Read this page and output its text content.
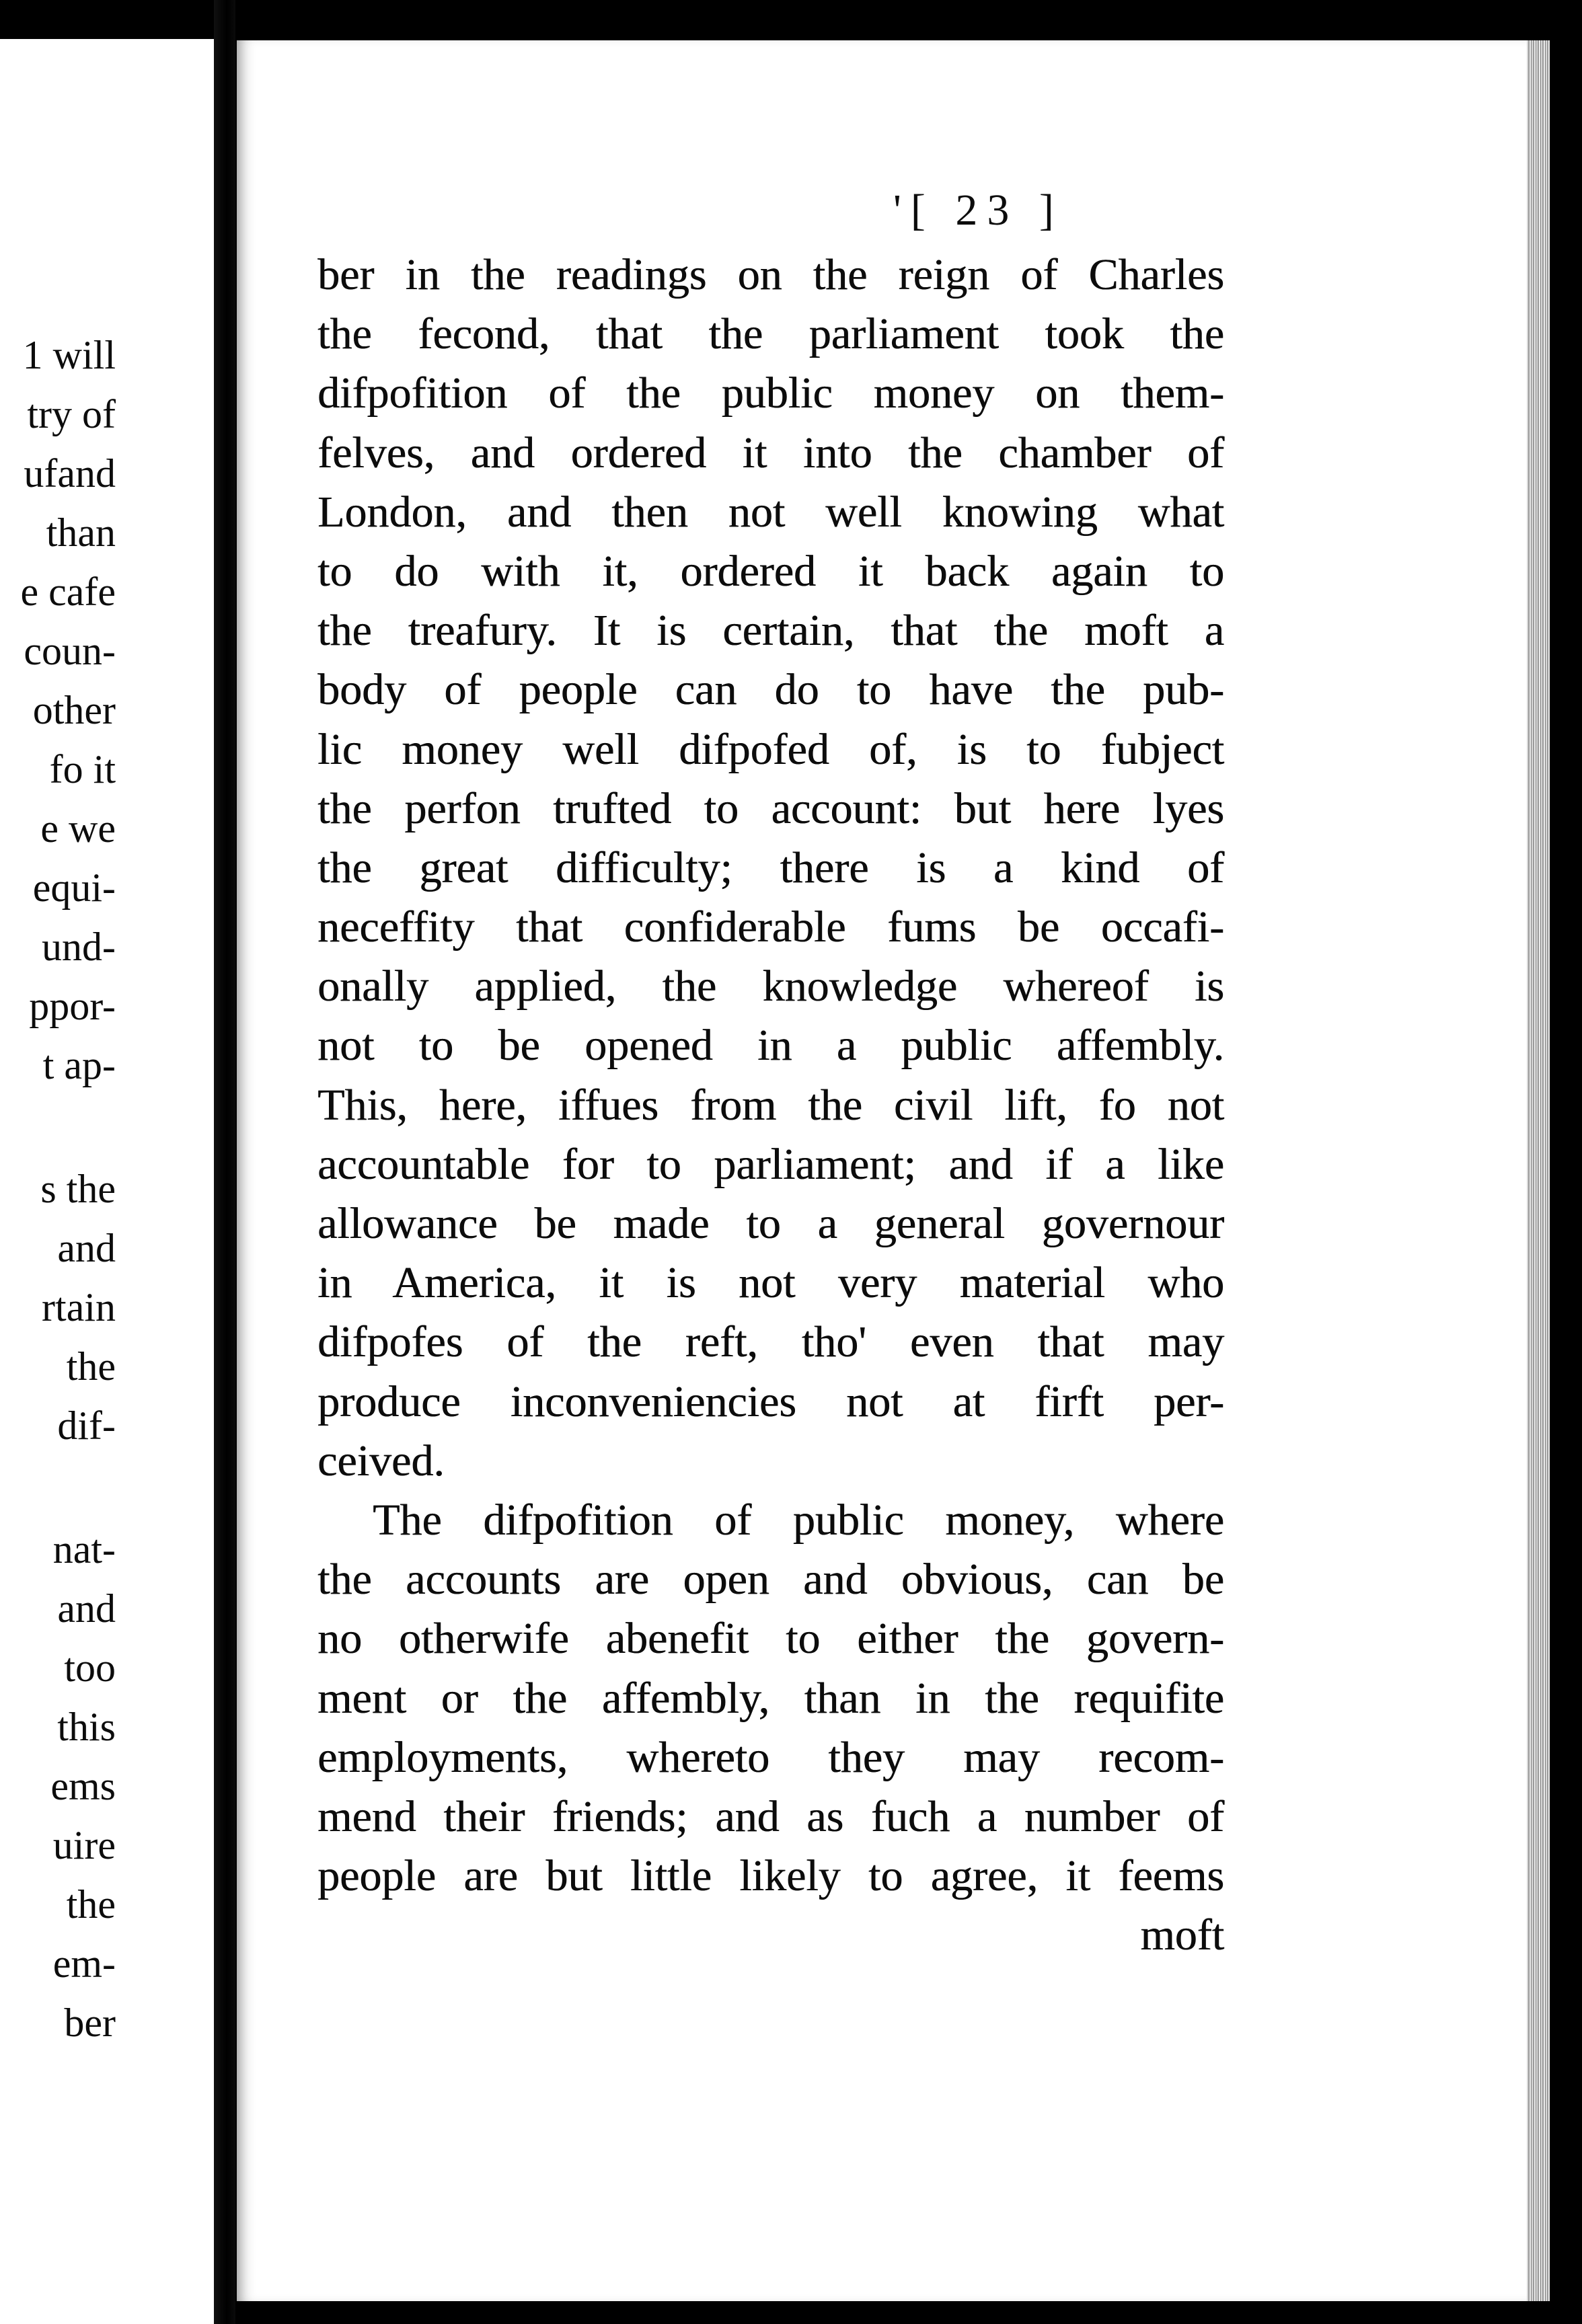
1 will
try of
ufand
than
e cafe
coun-
other
fo it
e we
equi-
und-
ppor-
t ap-
s the
and
rtain
the
dif-
nat-
and
too
this
ems
uire
the
em-
ber
'[ 23 ]
ber in the readings on the reign of Charles
the fecond, that the parliament took the
difpofition of the public money on them-
felves, and ordered it into the chamber of
London, and then not well knowing what
to do with it, ordered it back again to
the treafury. It is certain, that the moft a
body of people can do to have the pub-
lic money well difpofed of, is to fubject
the perfon trufted to account: but here lyes
the great difficulty; there is a kind of
neceffity that confiderable fums be occafi-
onally applied, the knowledge whereof is
not to be opened in a public affembly.
This, here, iffues from the civil lift, fo not
accountable for to parliament; and if a like
allowance be made to a general governour
in America, it is not very material who
difpofes of the reft, tho' even that may
produce inconveniencies not at firft per-
ceived.
The difpofition of public money, where
the accounts are open and obvious, can be
no otherwife abenefit to either the govern-
ment or the affembly, than in the requifite
employments, whereto they may recom-
mend their friends; and as fuch a number of
people are but little likely to agree, it feems
moft
